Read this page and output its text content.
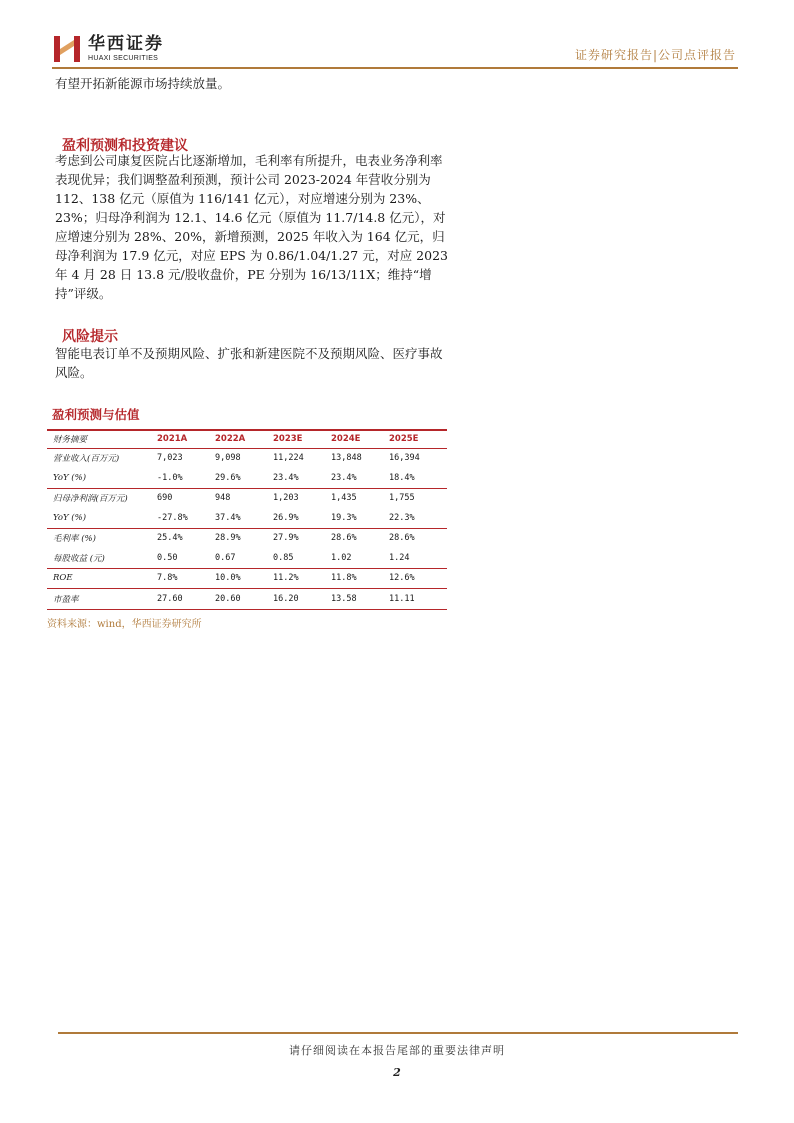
华西证券
HUAXI SECURITIES	证券研究报告|公司点评报告

有望开拓新能源市场持续放量。

盈利预测和投资建议

考虑到公司康复医院占比逐渐增加，毛利率有所提升，电表业务净利率表现优异；我们调整盈利预测，预计公司 2023-2024 年营收分别为 112、138 亿元（原值为 116/141 亿元），对应增速分别为 23%、23%；归母净利润为 12.1、14.6 亿元（原值为 11.7/14.8 亿元），对应增速分别为 28%、20%，新增预测，2025 年收入为 164 亿元，归母净利润为 17.9 亿元，对应 EPS 为 0.86/1.04/1.27 元，对应 2023 年 4 月 28 日 13.8 元/股收盘价，PE 分别为 16/13/11X；维持“增持”评级。

风险提示

智能电表订单不及预期风险、扩张和新建医院不及预期风险、医疗事故风险。

盈利预测与估值
财务摘要	2021A	2022A	2023E	2024E	2025E
营业收入(百万元)	7,023	9,098	11,224	13,848	16,394
YoY (%)	-1.0%	29.6%	23.4%	23.4%	18.4%
归母净利润(百万元)	690	948	1,203	1,435	1,755
YoY (%)	-27.8%	37.4%	26.9%	19.3%	22.3%
毛利率 (%)	25.4%	28.9%	27.9%	28.6%	28.6%
每股收益 (元)	0.50	0.67	0.85	1.02	1.24
ROE	7.8%	10.0%	11.2%	11.8%	12.6%
市盈率	27.60	20.60	16.20	13.58	11.11
资料来源：wind，华西证券研究所
请仔细阅读在本报告尾部的重要法律声明
2
